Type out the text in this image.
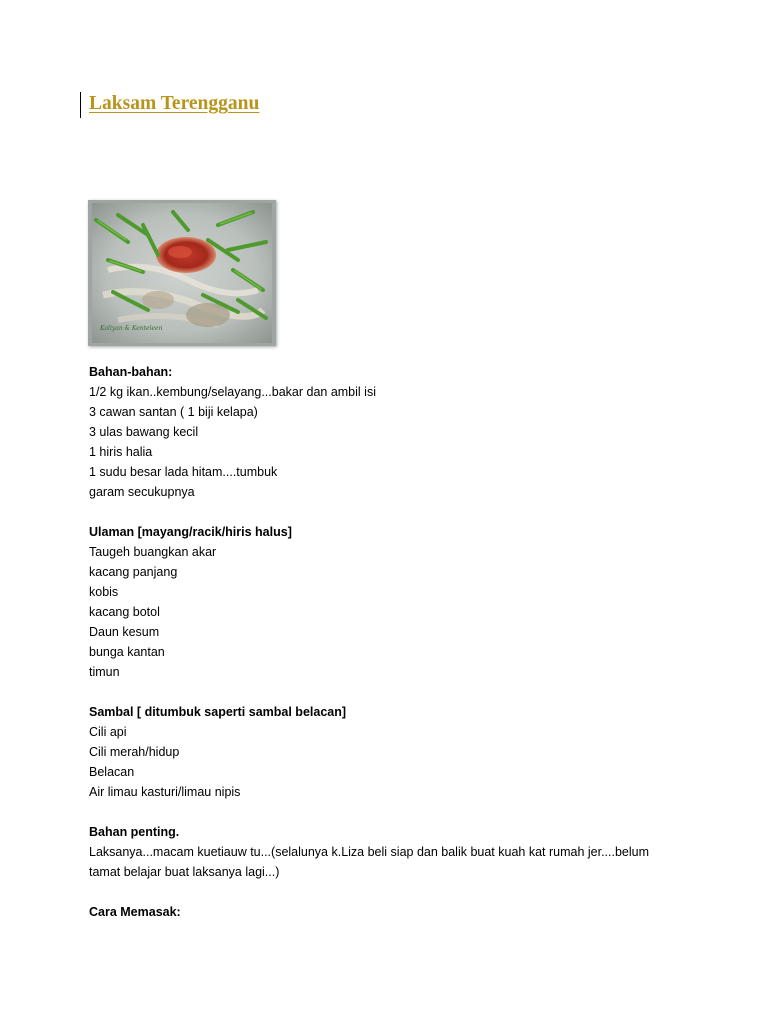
Laksam Terengganu
Kaliyan & Kenteleen

Bahan-bahan:

1/2 kg ikan..kembung/selayang...bakar dan ambil isi

3 cawan santan ( 1 biji kelapa)

3 ulas bawang kecil

1 hiris halia

1 sudu besar lada hitam....tumbuk

garam secukupnya

Ulaman [mayang/racik/hiris halus]

Taugeh buangkan akar

kacang panjang

kobis

kacang botol

Daun kesum

bunga kantan

timun

Sambal [ ditumbuk saperti sambal belacan]

Cili api

Cili merah/hidup

Belacan

Air limau kasturi/limau nipis

Bahan penting.

Laksanya...macam kuetiauw tu...(selalunya k.Liza beli siap dan balik buat kuah kat rumah jer....belum

tamat belajar buat laksanya lagi...)

Cara Memasak:
